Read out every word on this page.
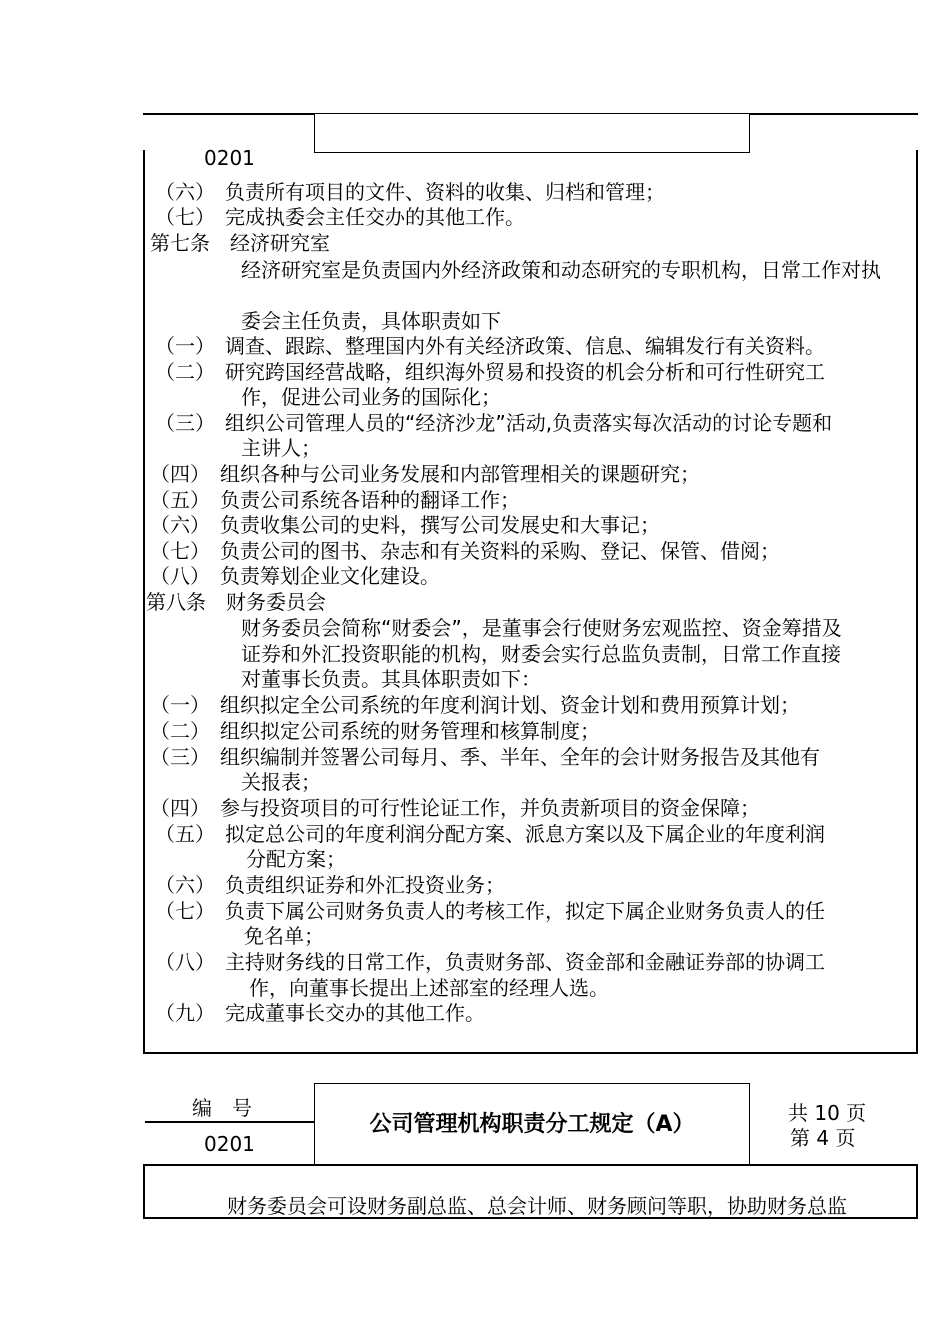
0201
（六）　负责所有项目的文件、资料的收集、归档和管理；
（七）　完成执委会主任交办的其他工作。
第七条　经济研究室
经济研究室是负责国内外经济政策和动态研究的专职机构，日常工作对执
委会主任负责，具体职责如下
（一）　调查、跟踪、整理国内外有关经济政策、信息、编辑发行有关资料。
（二）　研究跨国经营战略，组织海外贸易和投资的机会分析和可行性研究工
作，促进公司业务的国际化；
（三）　组织公司管理人员的“经济沙龙”活动,负责落实每次活动的讨论专题和
主讲人；
（四）　组织各种与公司业务发展和内部管理相关的课题研究；
（五）　负责公司系统各语种的翻译工作；
（六）　负责收集公司的史料，撰写公司发展史和大事记；
（七）　负责公司的图书、杂志和有关资料的采购、登记、保管、借阅；
（八）　负责筹划企业文化建设。
第八条　财务委员会
财务委员会简称“财委会”，是董事会行使财务宏观监控、资金筹措及
证券和外汇投资职能的机构，财委会实行总监负责制，日常工作直接
对董事长负责。其具体职责如下：
（一）　组织拟定全公司系统的年度利润计划、资金计划和费用预算计划；
（二）　组织拟定公司系统的财务管理和核算制度；
（三）　组织编制并签署公司每月、季、半年、全年的会计财务报告及其他有
关报表；
（四）　参与投资项目的可行性论证工作，并负责新项目的资金保障；
（五）　拟定总公司的年度利润分配方案、派息方案以及下属企业的年度利润
分配方案；
（六）　负责组织证券和外汇投资业务；
（七）　负责下属公司财务负责人的考核工作，拟定下属企业财务负责人的任
免名单；
（八）　主持财务线的日常工作，负责财务部、资金部和金融证券部的协调工
作，向董事长提出上述部室的经理人选。
（九）　完成董事长交办的其他工作。
编　号
0201
公司管理机构职责分工规定（A）	共 10 页
第 4 页
财务委员会可设财务副总监、总会计师、财务顾问等职，协助财务总监
